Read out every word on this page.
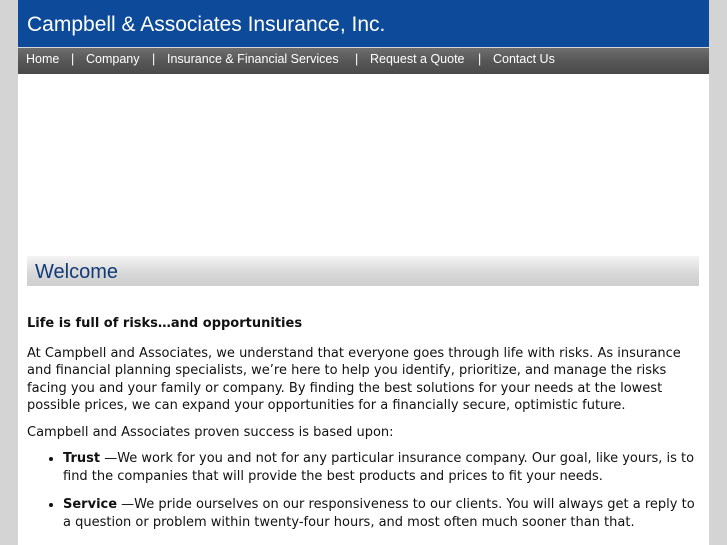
Campbell & Associates Insurance, Inc.
Home | Company | Insurance & Financial Services | Request a Quote | Contact Us
Welcome
Life is full of risks…and opportunities

At Campbell and Associates, we understand that everyone goes through life with risks. As insurance and financial planning specialists, we’re here to help you identify, prioritize, and manage the risks facing you and your family or company. By finding the best solutions for your needs at the lowest possible prices, we can expand your opportunities for a financially secure, optimistic future.

Campbell and Associates proven success is based upon:

• Trust —We work for you and not for any particular insurance company. Our goal, like yours, is to find the companies that will provide the best products and prices to fit your needs.
• Service —We pride ourselves on our responsiveness to our clients. You will always get a reply to a question or problem within twenty-four hours, and most often much sooner than that.
